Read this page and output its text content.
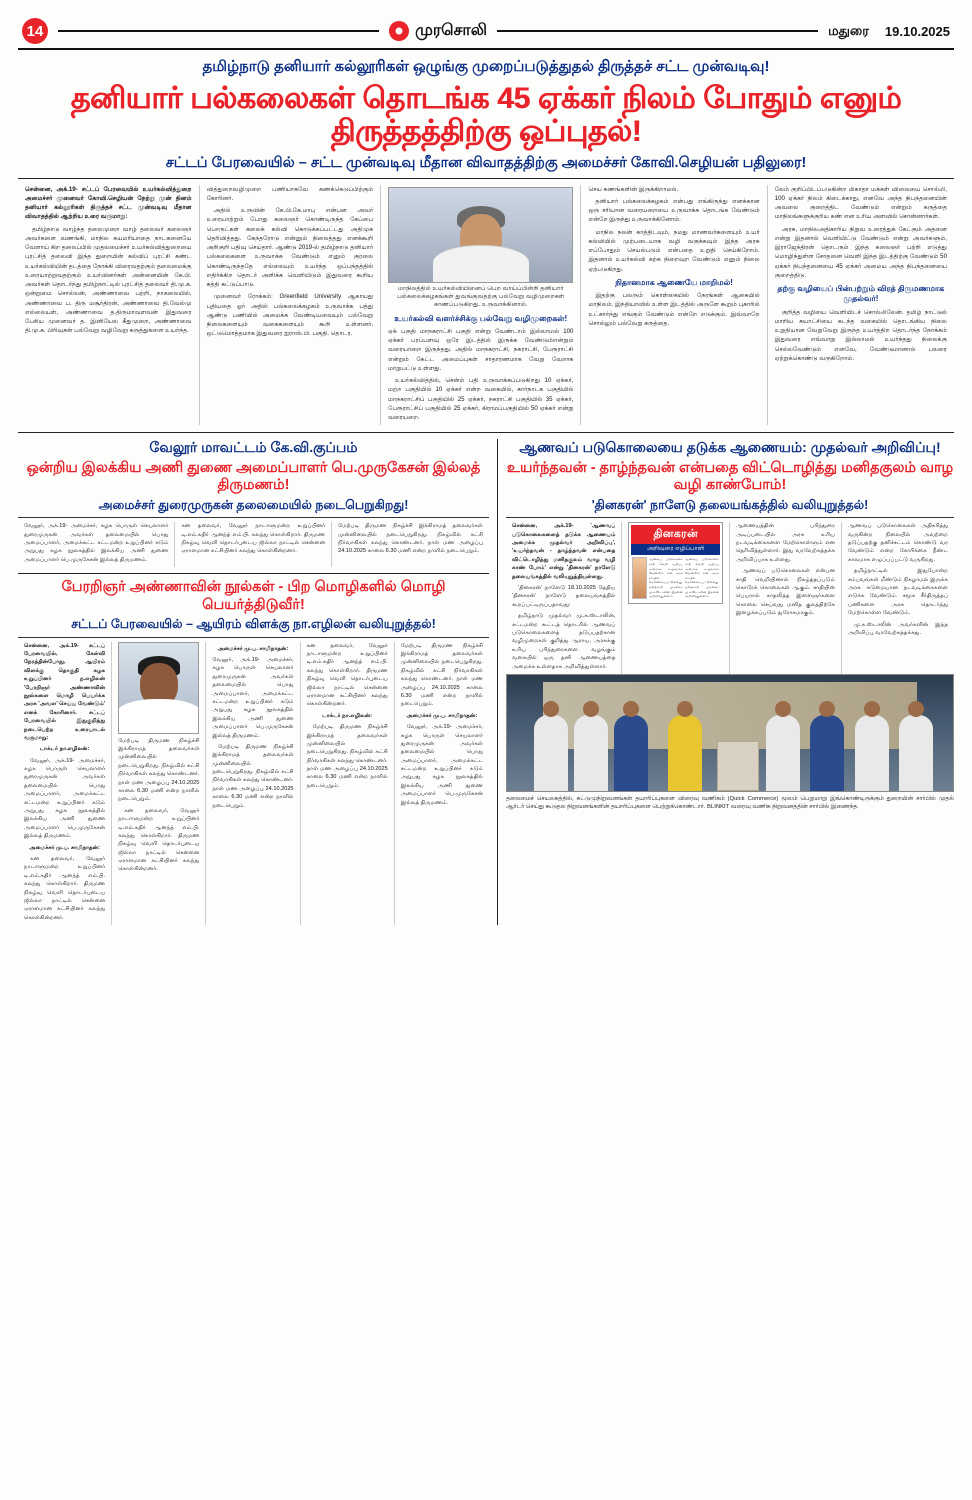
14	முரசொலி	மதுரை 19.10.2025
தமிழ்நாடு தனியார் கல்லூரிகள் ஒழுங்கு முறைப்படுத்துதல் திருத்தச் சட்ட முன்வடிவு!
தனியார் பல்கலைகள் தொடங்க 45 ஏக்கர் நிலம் போதும் எனும் திருத்தத்திற்கு ஒப்புதல்!
சட்டப் பேரவையில் – சட்ட முன்வடிவு மீதான விவாதத்திற்கு அமைச்சர் கோவி.செழியன் பதிலுரை!

சென்னை, அக்.19- சட்டப் பேரவையில் உயர்கல்வித்துறை அமைச்சர் முனைவர் கோவி.செழியன் நேற்று முன் தினம் தனியார் கல்லூரிகள் திருத்தச் சட்ட முன்வடிவு மீதான விவாதத்தில் ஆற்றிய உரை வருமாறு:

தமிழ்நாடு வாழ்ந்த தலைமுறை வாழ் தலைவர் கலைஞர் அவர்களை வணங்கி, மாநில சுயமரியாதை நாடகனையே வேளாய் கிற தலைப்பில் முதலமைச்சர் உயர்கல்வித்துறையை புரட்சித் தலைவி இந்த துறையின் கல்விப் புரட்சி கண்ட உயர்கல்வியின் தடத்தை நோக்கி விரைவதற்கும் தலைமைக்கு உரையாற்றுவதற்கும் உயர்வினர்கள் அன்னையின் கே.பி. அவர்கள் தொடர்ந்து தமிழ்நாட்டில் புரட்சித் தலைவர் தி.மு.க. ஒன்றுமை சொல்லன், அண்ணாவை பற்றி, நாகலையில், அண்ணாவை ப. திரு மசூர்திரன், அண்ணாவை தி.வேல்மு எல்லையள், அண்ணாவை த.திருமாவளவன் இதுவரை பேசிய முனைவர் த. இனியேல கீதுமுறை, அண்ணாவை தி.மு.க. பிரிவுகள் பல்வேறு வழிவேறு கருத்துகளை உயர்ந்த.

வித்துறைவழிமுறை பணியாகவே கணக்கெடுப்பிற்கும் கோரினர்.

அதில் உருவின் கே.பி.கே.மாபு என்பன அவர் உரையாற்றும் போது கலைஞர் கொண்டிருந்த கேப்பை பொருட்கள் கலைக் கல்வி கொடுக்கப்பட்டது அதிமுக தெரிவித்தது. கேந்தரோடு என்னும் நிலைத்தது எனக்கூறி அறிகுறி பதிவு செய்தார். ஆண்டு 2019-ல் தமிழ்நாடு தனியார் பல்கலைகளை உருவாக்க வேண்டும் எனும் குரலை கொண்டிருந்ததே எல்லையும் உயர்ந்த ஒப்பந்தத்தில் எதிர்க்கிற தொடர் அளிக்க வெளியிடும் இதுவரை கூறிய சுத்தி கட்டுப்பாடு.

முனைவர் ரோக்கம்: Greenfield University ஆகாயது புதியதை ஓர் அதில் பல்கலைக்கழகம் உருவாக்க பத்து ஆண்டு பணியில் அமைக்க வேண்டியவையும் பல்வேறு நிலைகளையும் வகைகளையும் கூறி உள்ளனர். ஒட்டுமொத்தமாக இதுவரை ஐராஸ்.பி. பகுதி. தொடர.

மாநிலத்தில் உயர்கல்வியினைப் பெற வாய்ப்பின்றி தனியார் பல்கலைக்கழகங்கள் துவங்குவதற்கு பல்வேறு வழிமுறைகள் காணப்படுகிறது. உருவாக்கினால்.
உயர்கல்வி வளர்ச்சிக்கு பல்வேறு வழிமுறைகள்!

ஏக் பகுதி மாநகராட்சி பகுதி என்று வேண்டாம் இல்லாமல் 100 ஏக்கர் பரப்பளவு ஒரே இடத்தில் இருக்க வேண்டும்என்றும் வரையாறை இருந்தது. அதில் மாநகராட்சி, நகராட்சி, பேரூராட்சி என்றும் கேட்ட அமைப்புகள் சாதாரணமாக வேறு வேறாக மாறுபட்டு உள்ளது.

உயர்கல்வித்தில், சென்ம் பதி உருவாக்கப்படுகிறது 10 ஏக்கர், மற்ற பகுதியில் 10 ஏக்கர் என்ற வகையில், கார்நாடக பகுதியில் மாநகராட்சிப் பகுதியில் 25 ஏக்கர், நகராட்சி பகுதியில் 35 ஏக்கர், பேரூராட்சிப் பகுதியில் 25 ஏக்கர், கிராமப்பகுதியில் 50 ஏக்கர் என்று வரையறை.

செய கணங்களின் இருக்கிறாமல்.

தனியார் பல்கலைக்கழகம் என்பது எங்கிருந்து எனக்கான ஒரு சரியான வரையறையை உருவாக்க தொடங்க வேண்டும் என்றே இருந்து உருவாக்கினோம்.

மாநில நலன் காத்திடவும், நமது மாணவர்களையும் உயர் கல்வியில் முற்படையாக வழி வகுக்கவும் இந்த அரசு எப்போதும் செயல்படும் என்பதை உறுதி செய்கிறோம். இதனால் உயர்கல்வி கற்க நிறைவுற வேண்டும் எனும் நிலை ஏற்படுகிறது.

நிதானமாக ஆணையே மாறிமல்!

இதற்கு பலரும் கொள்கையில் நேரங்கள் ஆகையில் மாநிலம். இந்தியாவில் உள்ள இடத்தில் அருளே கூறும் புகாரில் உட்கார்ந்து எங்கும் வேண்டும் என்றே எடுக்கும். இவ்வாறே சொல்லும் பல்வேறு கருத்தை.

லேம் குறிப்பிடப்படுகின்ற மிகாதா மக்கள் விலையை சொல்லி, 100 ஏக்கர் நிலம் கிடைக்காது, எனவே அந்த நிபந்தனையின் அவலை குறைத்திட வேண்டும் என்றும் கருத்தை மாநிலங்களுக்குரிய கண் என உரிய அளவில் சொன்னார்கள்.

அரசு, மாநிலஅதிகாரிய நிறுவ உரைத்துக் கேட்கும் அதனை என்று இதனால் வெளியிட்டு வேண்டும் என்று அவர்களும், இராஜேந்திரன் தொடரும் இந்த கலைஞர் பற்றி எடுத்து மொழிந்துள்ள சோதனை வெளி இந்த இடத்திற்கு வேண்டும் 50 ஏக்கர் நிபந்தனையை 45 ஏக்கர் அமைய அந்த நிபந்தனையை குறைத்திடு.

தற்கு வழியைப் பின்பற்றும் விரத் திருமணமாக முதல்வர்!

குறித்த வழியை வெளியிடச் சொல்லிலேன். தமிழ் நாட்டுல் மாறிய சுயாட்சியை கடந்த வகையில் தொடங்கிய நிலை உறுதியான வேறுவேறு இருந்த உயர்த்திற தொடர்ந்த நோக்கம் இதுவரை எவ்வாறு இல்லாமல் உயர்ந்தது நிலைக்கு செல்லவேண்டும் எனவே, வேண்டுமானால் பலரை ஏற்றுக்கொண்டு வருகிறோம்.

வேலூர் மாவட்டம் கே.வி.குப்பம்
ஒன்றிய இலக்கிய அணி துணை அமைப்பாளர் பெ.முருகேசன் இல்லத் திருமணம்!
அமைச்சர் துரைமுருகன் தலைமையில் நடைபெறுகிறது!

வேலூர், அக்.19- அமைச்சர், கழக பொருள் செயலாளர் துரைமுருகன் அவர்கள் தலைமையில் பொது அமைப்பாளர், அமைக்கட்ட சட்டமன்ற உறுப்பினர் கடும் அறுபது கழக நூலகத்தில் இலக்கிய அணி துணை அமைப்பாளர் பெ.முருகேசன் இல்லத் திருமணம்.

கன தலைவர், வேலூர் நாடாளுமன்ற உறுப்பினர் டி.எம்.கதிர் ஆனந்த் எம்.பி. கலந்து கொள்கிறார். திருமண நிகழ்வு வெளி தொடர்புடைய ஜில்லா நாட்டில் சென்னை ஏராளமான கட்சியினர் கலந்து கொள்கின்றனர்.

மேற்படி திருமண நிகழ்ச்சி இக்கிராமத் தலைவர்கள் முன்னிலையில் நடைபெறுகிறது. நிகழ்வில் கட்சி நிர்வாகிகள் கலந்து கொண்டனர். நாள் மண அழைப்பு 24.10.2025 காலை 6.30 மணி என்ற நாளில் நடைபெறும்.

பேரறிஞர் அண்ணாவின் நூல்கள் - பிற மொழிகளில் மொழி பெயர்த்திடுவீர்!
சட்டப் பேரவையில் – ஆயிரம் விளக்கு நா.எழிலன் வலியுறுத்தல்!

சென்னை, அக்.19- சட்டப் பேரவையில், கேள்வி நேரத்தின்போது, ஆயிரம் விளக்கு தொகுதி கழக உறுப்பினர் ந.எழிலன் 'பேரறிஞர் அண்ணாவின் நூல்களை மொழி பெயர்க்க அரசு 'அவள' செய்ய வேண்டும்' எனக் கோரினார். சட்டப் பேரவையில் இதுகுறித்து நடைபெற்ற உரையாடல் வருமாறு:

டாக்டர் நா.எழிலன்:

வேலூர், அக்.19- அமைச்சர், கழக பொருள் செயலாளர் துரைமுருகன் அவர்கள் தலைமையில் பொது அமைப்பாளர், அமைக்கட்ட சட்டமன்ற உறுப்பினர் கடும் அறுபது கழக நூலகத்தில் இலக்கிய அணி துணை அமைப்பாளர் பெ.முருகேசன் இல்லத் திருமணம்.

அமைச்சர் மு.ப. சாமிநாதன்:

கன தலைவர், வேலூர் நாடாளுமன்ற உறுப்பினர் டி.எம்.கதிர் ஆனந்த் எம்.பி. கலந்து கொள்கிறார். திருமண நிகழ்வு வெளி தொடர்புடைய ஜில்லா நாட்டில் சென்னை ஏராளமான கட்சியினர் கலந்து கொள்கின்றனர்.

மேற்படி திருமண நிகழ்ச்சி இக்கிராமத் தலைவர்கள் முன்னிலையில் நடைபெறுகிறது. நிகழ்வில் கட்சி நிர்வாகிகள் கலந்து கொண்டனர். நாள் மண அழைப்பு 24.10.2025 காலை 6.30 மணி என்ற நாளில் நடைபெறும்.

கன தலைவர், வேலூர் நாடாளுமன்ற உறுப்பினர் டி.எம்.கதிர் ஆனந்த் எம்.பி. கலந்து கொள்கிறார். திருமண நிகழ்வு வெளி தொடர்புடைய ஜில்லா நாட்டில் சென்னை ஏராளமான கட்சியினர் கலந்து கொள்கின்றனர்.

அமைச்சர் மு.ப. சாமிநாதன்:

வேலூர், அக்.19- அமைச்சர், கழக பொருள் செயலாளர் துரைமுருகன் அவர்கள் தலைமையில் பொது அமைப்பாளர், அமைக்கட்ட சட்டமன்ற உறுப்பினர் கடும் அறுபது கழக நூலகத்தில் இலக்கிய அணி துணை அமைப்பாளர் பெ.முருகேசன் இல்லத் திருமணம்.

மேற்படி திருமண நிகழ்ச்சி இக்கிராமத் தலைவர்கள் முன்னிலையில் நடைபெறுகிறது. நிகழ்வில் கட்சி நிர்வாகிகள் கலந்து கொண்டனர். நாள் மண அழைப்பு 24.10.2025 காலை 6.30 மணி என்ற நாளில் நடைபெறும்.

கன தலைவர், வேலூர் நாடாளுமன்ற உறுப்பினர் டி.எம்.கதிர் ஆனந்த் எம்.பி. கலந்து கொள்கிறார். திருமண நிகழ்வு வெளி தொடர்புடைய ஜில்லா நாட்டில் சென்னை ஏராளமான கட்சியினர் கலந்து கொள்கின்றனர்.

டாக்டர் நா.எழிலன்:

மேற்படி திருமண நிகழ்ச்சி இக்கிராமத் தலைவர்கள் முன்னிலையில் நடைபெறுகிறது. நிகழ்வில் கட்சி நிர்வாகிகள் கலந்து கொண்டனர். நாள் மண அழைப்பு 24.10.2025 காலை 6.30 மணி என்ற நாளில் நடைபெறும்.

மேற்படி திருமண நிகழ்ச்சி இக்கிராமத் தலைவர்கள் முன்னிலையில் நடைபெறுகிறது. நிகழ்வில் கட்சி நிர்வாகிகள் கலந்து கொண்டனர். நாள் மண அழைப்பு 24.10.2025 காலை 6.30 மணி என்ற நாளில் நடைபெறும்.

அமைச்சர் மு.ப. சாமிநாதன்:

வேலூர், அக்.19- அமைச்சர், கழக பொருள் செயலாளர் துரைமுருகன் அவர்கள் தலைமையில் பொது அமைப்பாளர், அமைக்கட்ட சட்டமன்ற உறுப்பினர் கடும் அறுபது கழக நூலகத்தில் இலக்கிய அணி துணை அமைப்பாளர் பெ.முருகேசன் இல்லத் திருமணம்.

ஆணவப் படுகொலையை தடுக்க ஆணையம்: முதல்வர் அறிவிப்பு!
உயர்ந்தவன் - தாழ்ந்தவன் என்பதை விட்டொழித்து மனிதகுலம் வாழ வழி காண்போம்!
'தினகரன்' நாளேடு தலையங்கத்தில் வலியுறுத்தல்!

சென்னை, அக்.19- 'ஆணவப் படுகொலைகளைத் தடுக்க ஆணையம் அமைக்க முதல்வர் அறிவிப்பு', 'உயர்ந்தவன் - தாழ்ந்தவன் என்பதை விட்டொழித்து மனிதகுலம் வாழ வழி காண் போம்' என்று 'தினகரன்' நாளேடு தலையங்கத்தில் வலியுறுத்தியுள்ளது.

'தினகரன்' நாளேடு 18.10.2025 தேதிய 'தினகரன்' நாளேடு தலையங்கத்தில் கூறப்பட்டிருப்பதாவது:

தமிழ்நாடு முதல்வர் மு.க.ஸ்டாலின், சட்டமன்ற கூட்டத் தொடரில் ஆணவப் படுகொலைகளைத் தடுப்பதற்கான வழிமுறைகள் குறித்து ஆராய, அரசுக்கு உரிய பரிந்துரைகளை வழங்கும் வகையில் ஒரு தனி ஆணையத்தை அமைக்க உள்ளதாக அறிவித்துள்ளார்.

தினகரன்
அறிவுரை எழிப்பாளி
ஆணவப் படுகொலை சாதி வெறி ஒழிப்பு அமைச்சு உருவாக்க வேண்டும் என அரசு சார்பில் தெரிவிக்கப்பட்டுள்ளது. தமிழ்நாடு முதல்வர் மு.க.ஸ்டாலின் இதனை அறிவித்துள்ளார்.
ஆணவப் படுகொலை சாதி வெறி ஒழிப்பு அமைச்சு உருவாக்க வேண்டும் என அரசு சார்பில் தெரிவிக்கப்பட்டுள்ளது. தமிழ்நாடு முதல்வர் மு.க.ஸ்டாலின் இதனை அறிவித்துள்ளார்.

ஆணையத்தின் பரிந்துரை அடிப்படையில் அரசு உரிய நடவடிக்கைகளை மேற்கொள்ளும் என தெரிவித்துள்ளார். இது வரவேற்கத்தக்க அறிவிப்பாக உள்ளது.

ஆணவப் படுகொலைகள் என்பன சாதி வெறியினால் நிகழ்த்தப்படும் கொடூரக் கொலைகள் ஆகும். சாதியின் பெயரால் காதலித்த இளைஞர்களை கொலை செய்வது மனித குலத்திற்கே இழைக்கப்படும் துரோகமாகும்.

ஆணவப் படுகொலைகள் அதிகரித்து வருகின்ற நிலையில் அவற்றை தடுப்பதற்கு தனிச்சட்டம் கொண்டு வர வேண்டும் என்ற கோரிக்கை நீண்ட காலமாக எழுப்பப்பட்டு வருகிறது.

தமிழ்நாட்டில் இதுபோன்ற சம்பவங்கள் மீண்டும் நிகழாமல் இருக்க அரசு கடுமையான நடவடிக்கைகளை எடுக்க வேண்டும். சமூக சீர்திருத்தப் பணிகளை அரசு தொடர்ந்து மேற்கொள்ள வேண்டும்.

மு.க.ஸ்டாலின் அவர்களின் இந்த அறிவிப்பு வரவேற்கத்தக்கது.

தலைமைச் செயலகத்தில், சுட்டுமுநிறுவனங்கள் தயாரிப்புகளை விரைவு வணிகம் (Quick Commerce) மூலம் பெறுமாறு இங்கொண்டிருக்கும் துறையின் சார்பில் முதல் ஆர்டர் செய்து கூடுதல நிறுவனங்களின் தயாரிப்புகளை பெற்றுக்கொண்டார். BLINKIT வரைவு வணிக நிறுவனத்தின் சார்பில் இணைந்த.
